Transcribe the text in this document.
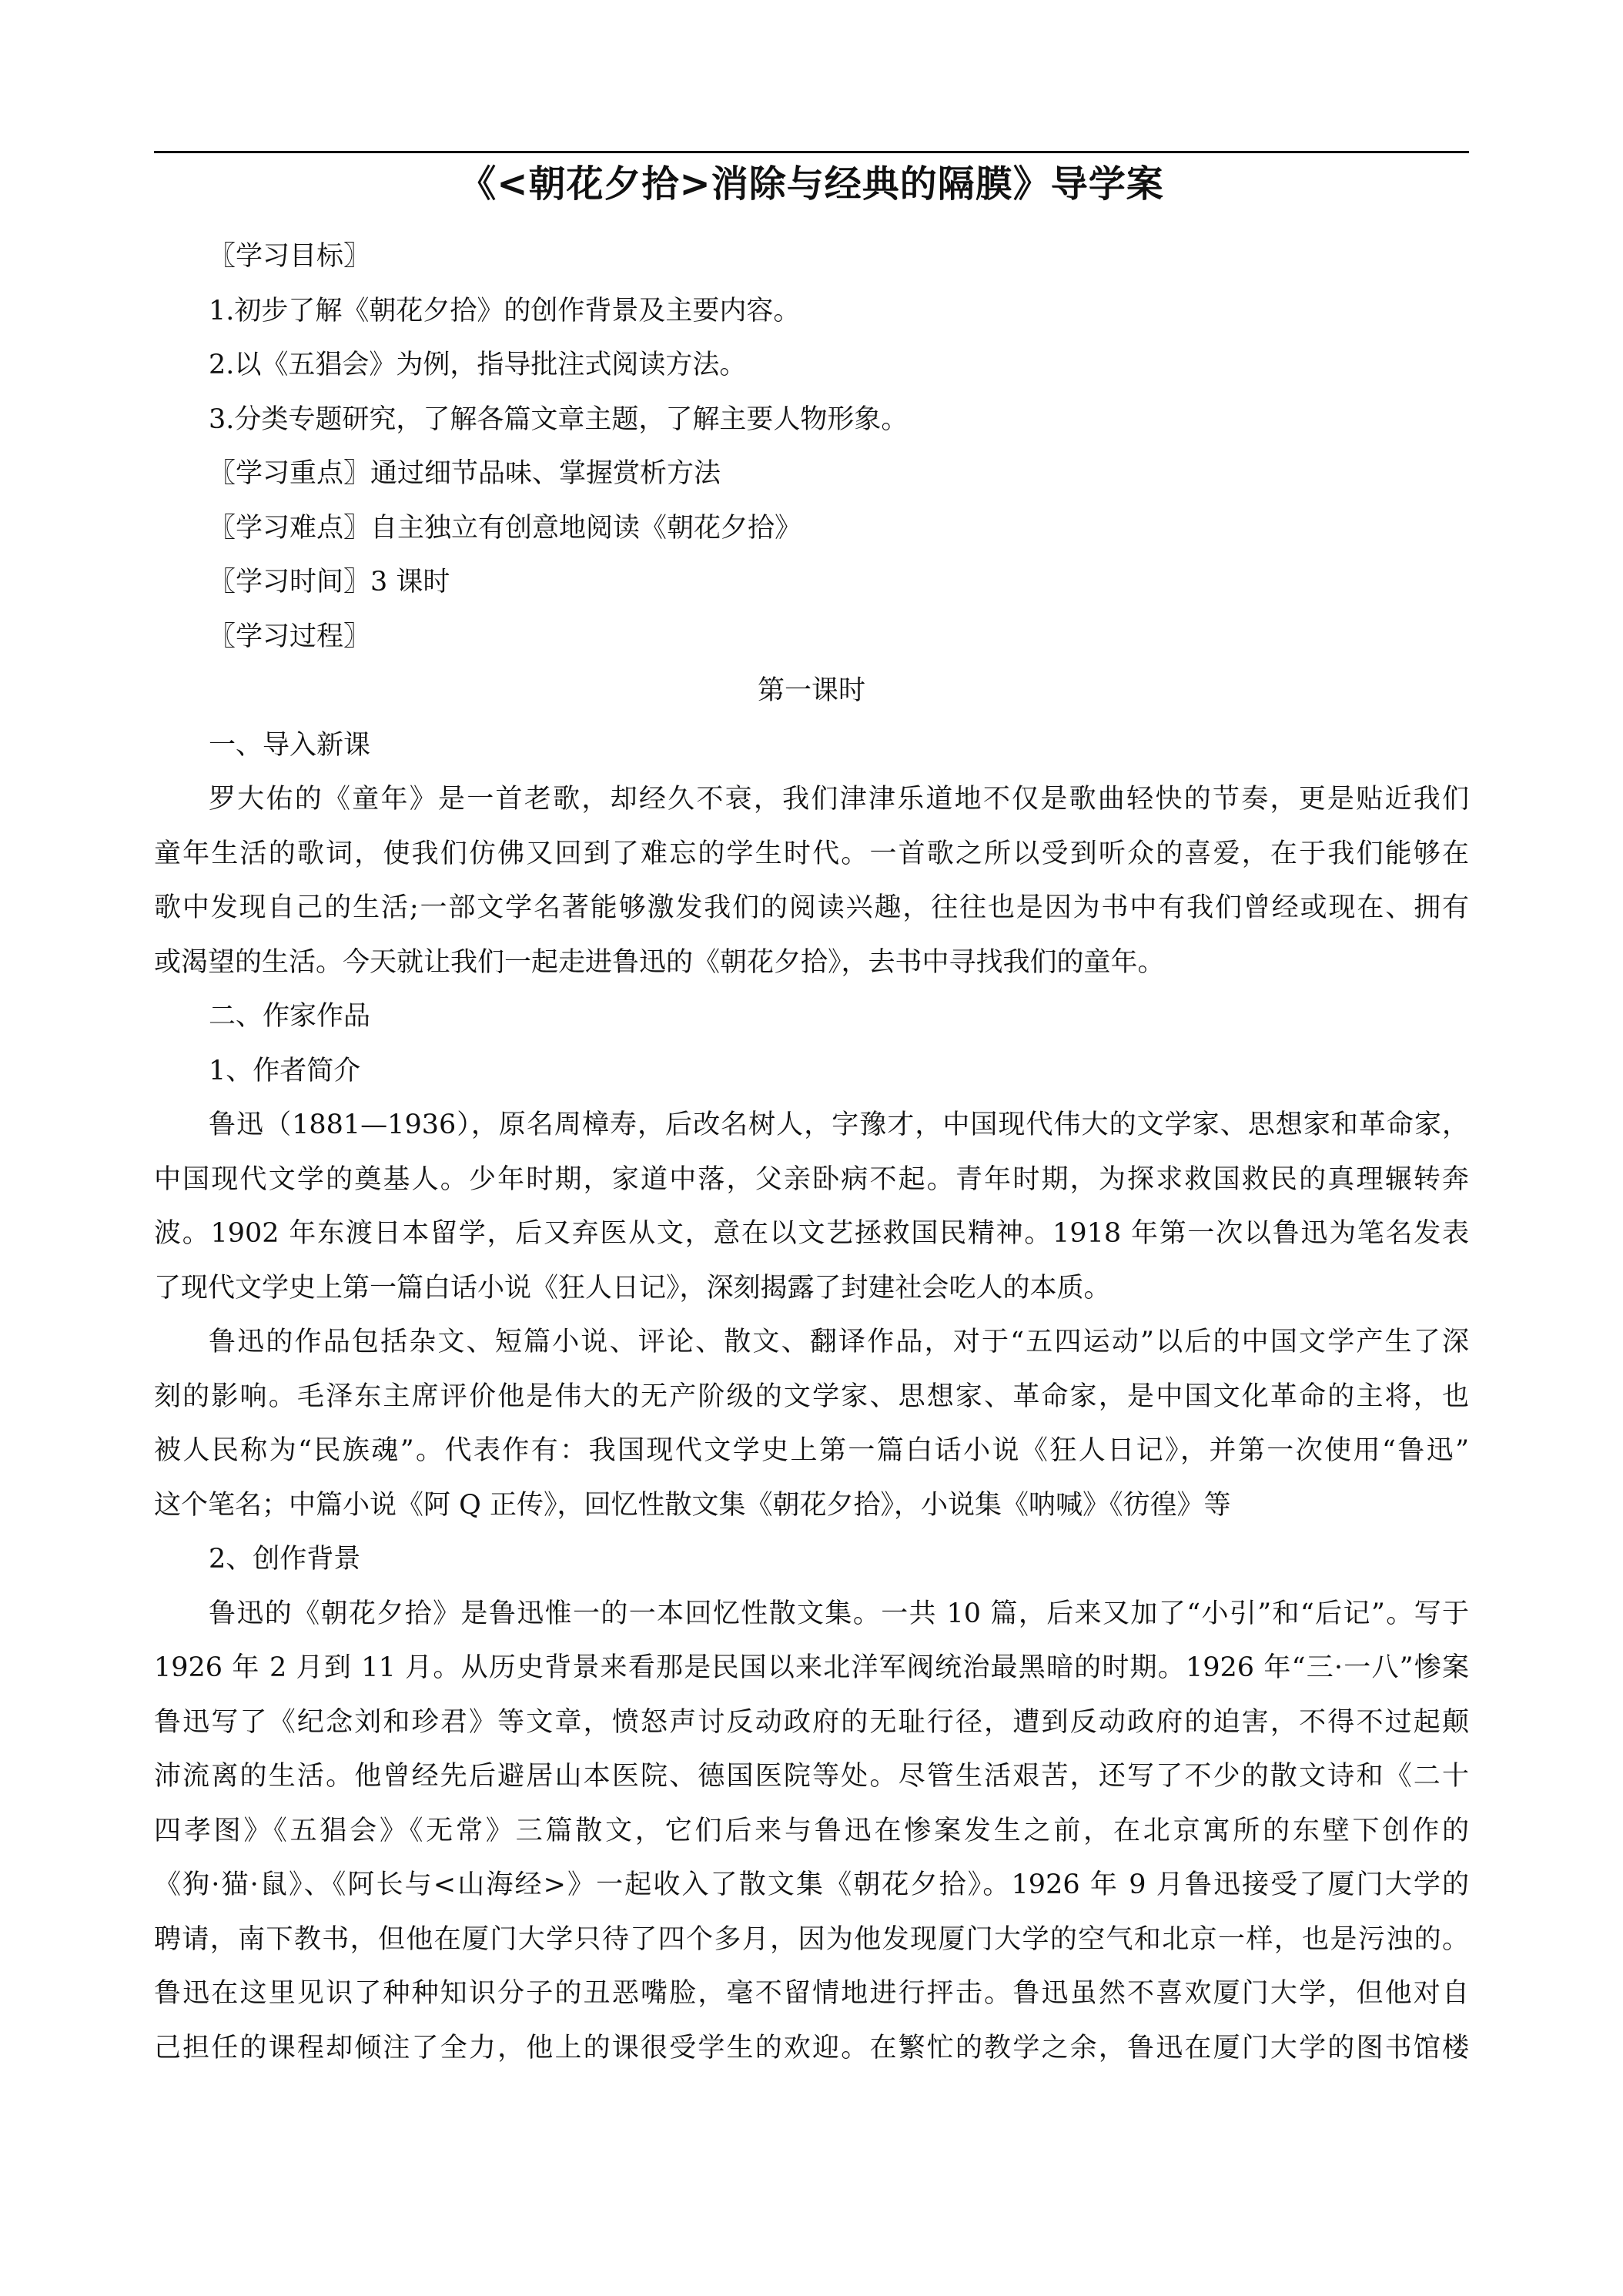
《<朝花夕拾>消除与经典的隔膜》导学案

〖学习目标〗

1.初步了解《朝花夕拾》的创作背景及主要内容。

2.以《五猖会》为例，指导批注式阅读方法。

3.分类专题研究，了解各篇文章主题，了解主要人物形象。

〖学习重点〗通过细节品味、掌握赏析方法

〖学习难点〗自主独立有创意地阅读《朝花夕拾》

〖学习时间〗3 课时

〖学习过程〗

第一课时

一、导入新课

罗大佑的《童年》是一首老歌，却经久不衰，我们津津乐道地不仅是歌曲轻快的节奏，更是贴近我们

童年生活的歌词，使我们仿佛又回到了难忘的学生时代。一首歌之所以受到听众的喜爱，在于我们能够在

歌中发现自己的生活;一部文学名著能够激发我们的阅读兴趣，往往也是因为书中有我们曾经或现在、拥有

或渴望的生活。今天就让我们一起走进鲁迅的《朝花夕拾》，去书中寻找我们的童年。

二、作家作品

1、作者简介

鲁迅（1881—1936），原名周樟寿，后改名树人，字豫才，中国现代伟大的文学家、思想家和革命家，

中国现代文学的奠基人。少年时期，家道中落，父亲卧病不起。青年时期，为探求救国救民的真理辗转奔

波。1902 年东渡日本留学，后又弃医从文，意在以文艺拯救国民精神。1918 年第一次以鲁迅为笔名发表

了现代文学史上第一篇白话小说《狂人日记》，深刻揭露了封建社会吃人的本质。

鲁迅的作品包括杂文、短篇小说、评论、散文、翻译作品，对于“五四运动”以后的中国文学产生了深

刻的影响。毛泽东主席评价他是伟大的无产阶级的文学家、思想家、革命家，是中国文化革命的主将，也

被人民称为“民族魂”。代表作有：我国现代文学史上第一篇白话小说《狂人日记》，并第一次使用“鲁迅”

这个笔名；中篇小说《阿 Q 正传》，回忆性散文集《朝花夕拾》，小说集《呐喊》《彷徨》等

2、创作背景

鲁迅的《朝花夕拾》是鲁迅惟一的一本回忆性散文集。一共 10 篇，后来又加了“小引”和“后记”。写于

1926 年 2 月到 11 月。从历史背景来看那是民国以来北洋军阀统治最黑暗的时期。1926 年“三·一八”惨案

鲁迅写了《纪念刘和珍君》等文章，愤怒声讨反动政府的无耻行径，遭到反动政府的迫害，不得不过起颠

沛流离的生活。他曾经先后避居山本医院、德国医院等处。尽管生活艰苦，还写了不少的散文诗和《二十

四孝图》《五猖会》《无常》三篇散文，它们后来与鲁迅在惨案发生之前，在北京寓所的东壁下创作的

《狗·猫·鼠》、《阿长与<山海经>》一起收入了散文集《朝花夕拾》。1926 年 9 月鲁迅接受了厦门大学的

聘请，南下教书，但他在厦门大学只待了四个多月，因为他发现厦门大学的空气和北京一样，也是污浊的。

鲁迅在这里见识了种种知识分子的丑恶嘴脸，毫不留情地进行抨击。鲁迅虽然不喜欢厦门大学，但他对自

己担任的课程却倾注了全力，他上的课很受学生的欢迎。在繁忙的教学之余，鲁迅在厦门大学的图书馆楼
